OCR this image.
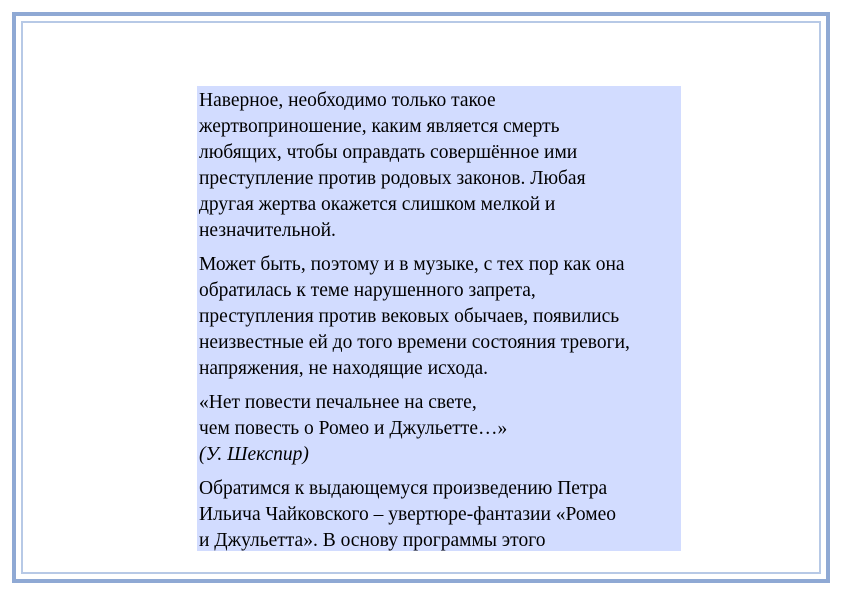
Наверное, необходимо только такое
жертвоприношение, каким является смерть
любящих, чтобы оправдать совершённое ими
преступление против родовых законов. Любая
другая жертва окажется слишком мелкой и
незначительной.

Может быть, поэтому и в музыке, с тех пор как она
обратилась к теме нарушенного запрета,
преступления против вековых обычаев, появились
неизвестные ей до того времени состояния тревоги,
напряжения, не находящие исхода.

«Нет повести печальнее на свете,
чем повесть о Ромео и Джульетте…»

(У. Шекспир)

Обратимся к выдающемуся произведению Петра
Ильича Чайковского – увертюре-фантазии «Ромео
и Джульетта». В основу программы этого
